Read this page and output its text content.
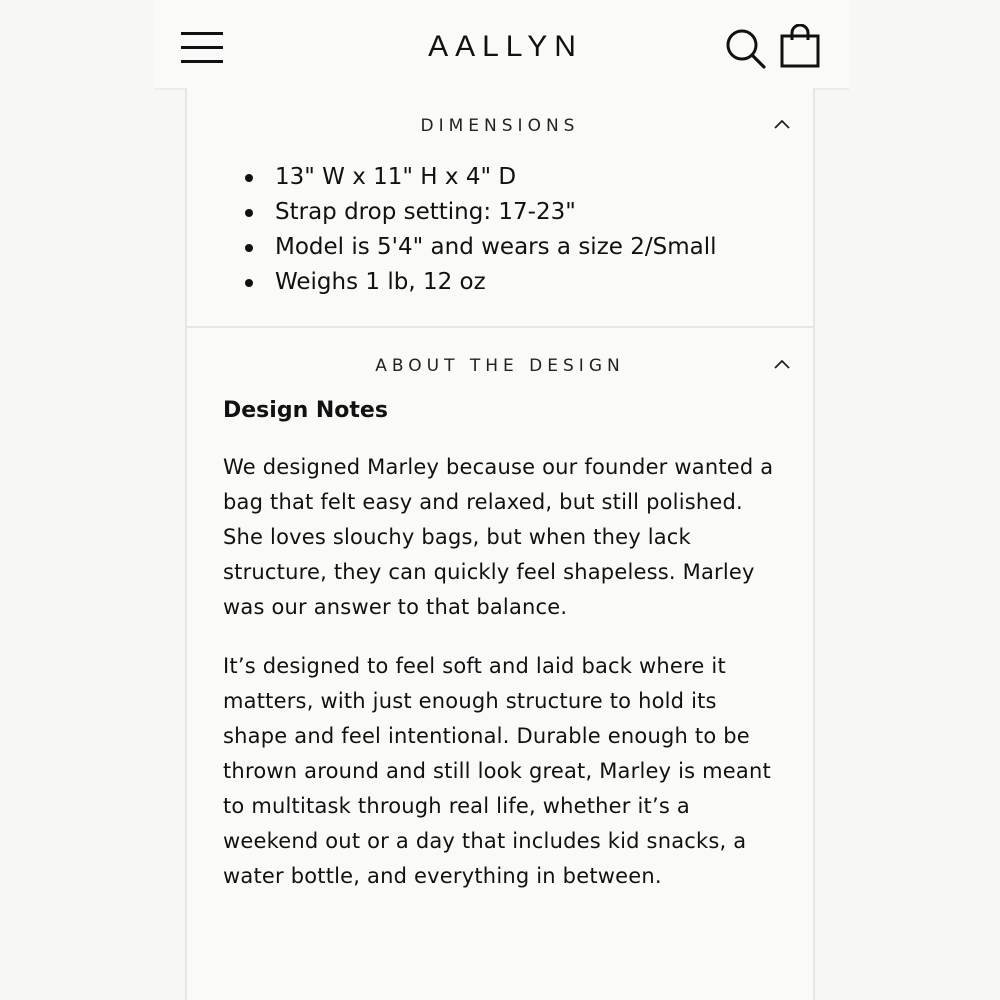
AALLYN
DIMENSIONS
13" W x 11" H x 4" D
Strap drop setting: 17-23"
Model is 5'4" and wears a size 2/Small
Weighs 1 lb, 12 oz
ABOUT THE DESIGN
Design Notes

We designed Marley because our founder wanted a bag that felt easy and relaxed, but still polished. She loves slouchy bags, but when they lack structure, they can quickly feel shapeless. Marley was our answer to that balance.

It’s designed to feel soft and laid back where it matters, with just enough structure to hold its shape and feel intentional. Durable enough to be thrown around and still look great, Marley is meant to multitask through real life, whether it’s a weekend out or a day that includes kid snacks, a water bottle, and everything in between.
